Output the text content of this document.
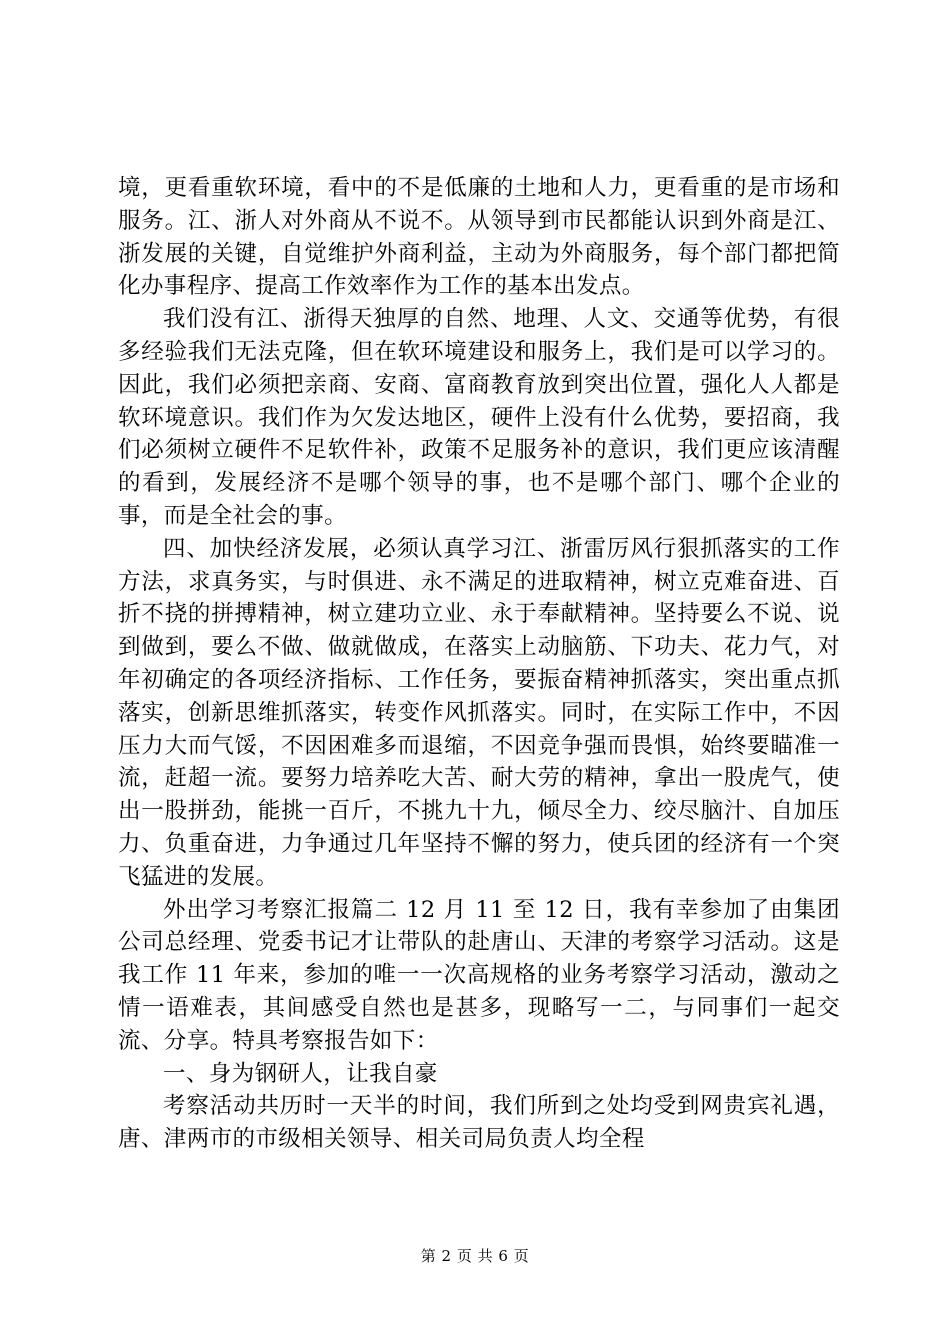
境，更看重软环境，看中的不是低廉的土地和人力，更看重的是市场和服务。江、浙人对外商从不说不。从领导到市民都能认识到外商是江、浙发展的关键，自觉维护外商利益，主动为外商服务，每个部门都把简化办事程序、提高工作效率作为工作的基本出发点。

我们没有江、浙得天独厚的自然、地理、人文、交通等优势，有很多经验我们无法克隆，但在软环境建设和服务上，我们是可以学习的。因此，我们必须把亲商、安商、富商教育放到突出位置，强化人人都是软环境意识。我们作为欠发达地区，硬件上没有什么优势，要招商，我们必须树立硬件不足软件补，政策不足服务补的意识，我们更应该清醒的看到，发展经济不是哪个领导的事，也不是哪个部门、哪个企业的事，而是全社会的事。

四、加快经济发展，必须认真学习江、浙雷厉风行狠抓落实的工作方法，求真务实，与时俱进、永不满足的进取精神，树立克难奋进、百折不挠的拼搏精神，树立建功立业、永于奉献精神。坚持要么不说、说到做到，要么不做、做就做成，在落实上动脑筋、下功夫、花力气，对年初确定的各项经济指标、工作任务，要振奋精神抓落实，突出重点抓落实，创新思维抓落实，转变作风抓落实。同时，在实际工作中，不因压力大而气馁，不因困难多而退缩，不因竞争强而畏惧，始终要瞄准一流，赶超一流。要努力培养吃大苦、耐大劳的精神，拿出一股虎气，使出一股拼劲，能挑一百斤，不挑九十九，倾尽全力、绞尽脑汁、自加压力、负重奋进，力争通过几年坚持不懈的努力，使兵团的经济有一个突飞猛进的发展。

外出学习考察汇报篇二 12 月 11 至 12 日，我有幸参加了由集团公司总经理、党委书记才让带队的赴唐山、天津的考察学习活动。这是我工作 11 年来，参加的唯一一次高规格的业务考察学习活动，激动之情一语难表，其间感受自然也是甚多，现略写一二，与同事们一起交流、分享。特具考察报告如下：

一、身为钢研人，让我自豪

考察活动共历时一天半的时间，我们所到之处均受到网贵宾礼遇，唐、津两市的市级相关领导、相关司局负责人均全程

第 2 页 共 6 页
